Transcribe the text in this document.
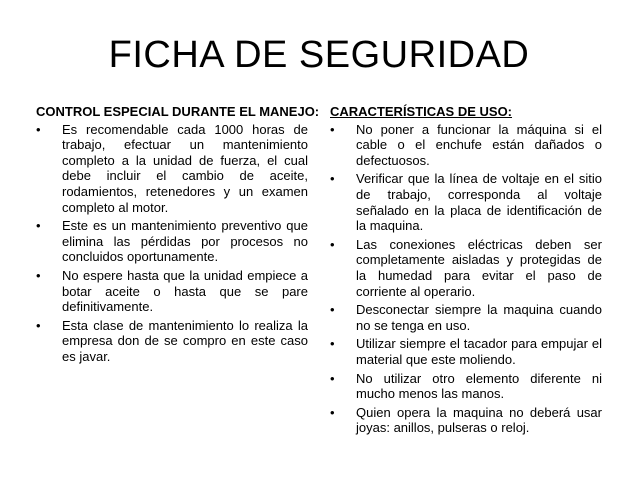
FICHA DE SEGURIDAD
CONTROL ESPECIAL DURANTE EL MANEJO:
•	Es recomendable cada 1000 horas de trabajo, efectuar un mantenimiento completo a la unidad de fuerza, el cual debe incluir el cambio de aceite, rodamientos, retenedores y un examen completo al motor.
•	Este es un mantenimiento preventivo que elimina las pérdidas por procesos no concluidos oportunamente.
•	No espere hasta que la unidad empiece a botar aceite o hasta que se pare definitivamente.
•	Esta clase de mantenimiento lo realiza la empresa don de se compro en este caso es javar.
CARACTERÍSTICAS DE USO:
•	No poner a funcionar la máquina si el cable o el enchufe están dañados o defectuosos.
•	Verificar que la línea de voltaje en el sitio de trabajo, corresponda al voltaje señalado en la placa de identificación de la maquina.
•	Las conexiones eléctricas deben ser completamente aisladas y protegidas de la humedad para evitar el paso de corriente al operario.
•	Desconectar siempre la maquina cuando no se tenga en uso.
•	Utilizar siempre el tacador para empujar el material que este moliendo.
•	No utilizar otro elemento diferente ni mucho menos las manos.
•	Quien opera la maquina no deberá usar joyas: anillos, pulseras o reloj.
